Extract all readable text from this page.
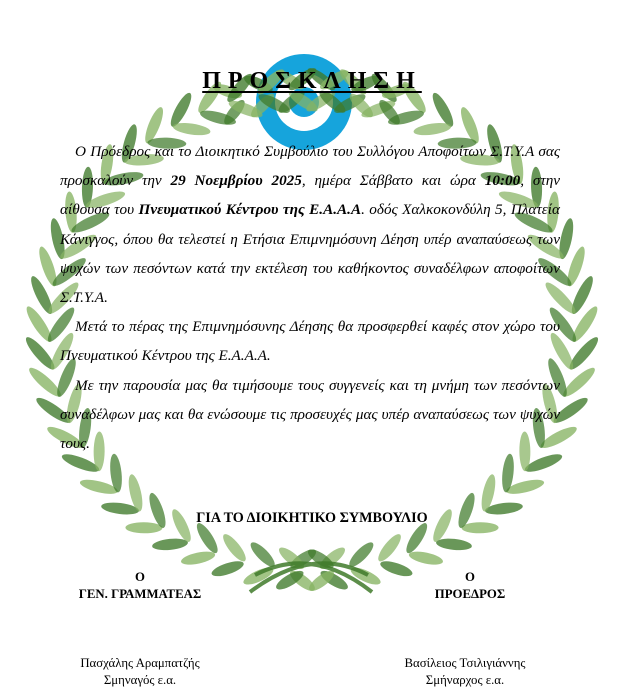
ΠΡΟΣΚΛΗΣΗ

Ο Πρόεδρος και το Διοικητικό Συμβούλιο του Συλλόγου Αποφοίτων Σ.Τ.Υ.Α σας προσκαλούν την 29 Νοεμβρίου 2025, ημέρα Σάββατο και ώρα 10:00, στην αίθουσα του Πνευματικού Κέντρου της Ε.Α.Α.Α. οδός Χαλκοκονδύλη 5, Πλατεία Κάνιγγος, όπου θα τελεστεί η Ετήσια Επιμνημόσυνη Δέηση υπέρ αναπαύσεως των ψυχών των πεσόντων κατά την εκτέλεση του καθήκοντος συναδέλφων αποφοίτων Σ.Τ.Υ.Α.

Μετά το πέρας της Επιμνημόσυνης Δέησης θα προσφερθεί καφές στον χώρο του Πνευματικού Κέντρου της Ε.Α.Α.Α.

Με την παρουσία μας θα τιμήσουμε τους συγγενείς και τη μνήμη των πεσόντων συναδέλφων μας και θα ενώσουμε τις προσευχές μας υπέρ αναπαύσεως των ψυχών τους.

ΓΙΑ ΤΟ ΔΙΟΙΚΗΤΙΚΟ ΣΥΜΒΟΥΛΙΟ
Ο
ΓΕΝ. ΓΡΑΜΜΑΤΕΑΣ
Ο
ΠΡΟΕΔΡΟΣ
Πασχάλης Αραμπατζής
Σμηναγός ε.α.
Βασίλειος Τσιλιγιάννης
Σμήναρχος ε.α.
